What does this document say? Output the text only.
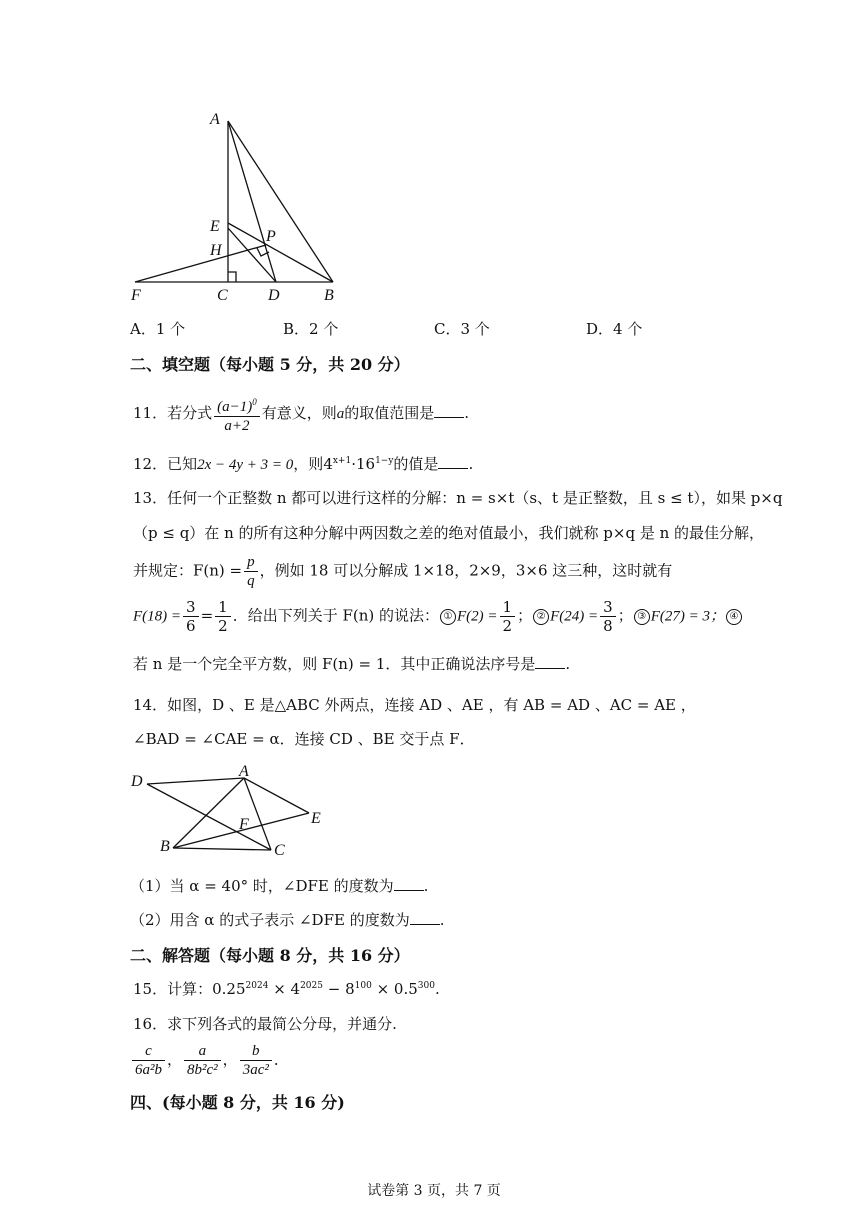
A
E
H
P
F	C	D	B
A．1 个	B．2 个	C．3 个	D．4 个
二、填空题（每小题 5 分，共 20 分）
11．若分式 $\frac{(a-1)^0}{a+2}$ 有意义，则a的取值范围是 .
12．已知2x − 4y + 3 = 0，则$4^{x+1}\cdot 16^{1-y}$的值是 .
13．任何一个正整数 n 都可以进行这样的分解：n = s×t（s、t 是正整数，且 s ≤ t），如果 p×q
（p ≤ q）在 n 的所有这种分解中两因数之差的绝对值最小，我们就称 p×q 是 n 的最佳分解，
并规定：$F(n) = \frac{p}{q}$ ，例如 18 可以分解成 1×18，2×9，3×6 这三种，这时就有
$F(18) = \frac{3}{6} = \frac{1}{2}$ ．给出下列关于 F(n) 的说法： ① $F(2) = \frac{1}{2}$ ； ② $F(24) = \frac{3}{8}$ ； ③ F(27) = 3； ④
若 n 是一个完全平方数，则 F(n) = 1．其中正确说法序号是 .
14．如图，D 、E 是△ABC 外两点，连接 AD 、AE ，有 AB = AD 、AC = AE ，
∠BAD = ∠CAE = α．连接 CD 、BE 交于点 F．
D
A
E
F
B	C
（1）当 α = 40° 时，∠DFE 的度数为 .
（2）用含 α 的式子表示 ∠DFE 的度数为 .
二、解答题（每小题 8 分，共 16 分）
15．计算：$0.25^{2024} \times 4^{2025} - 8^{100} \times 0.5^{300}$.
16．求下列各式的最简公分母，并通分.
$\frac{c}{\text{6a²b}}$ ， $\frac{a}{\text{8b²c²}}$ ， $\frac{b}{\text{3ac²}}$ ．
四、(每小题 8 分，共 16 分)
试卷第 3 页，共 7 页
